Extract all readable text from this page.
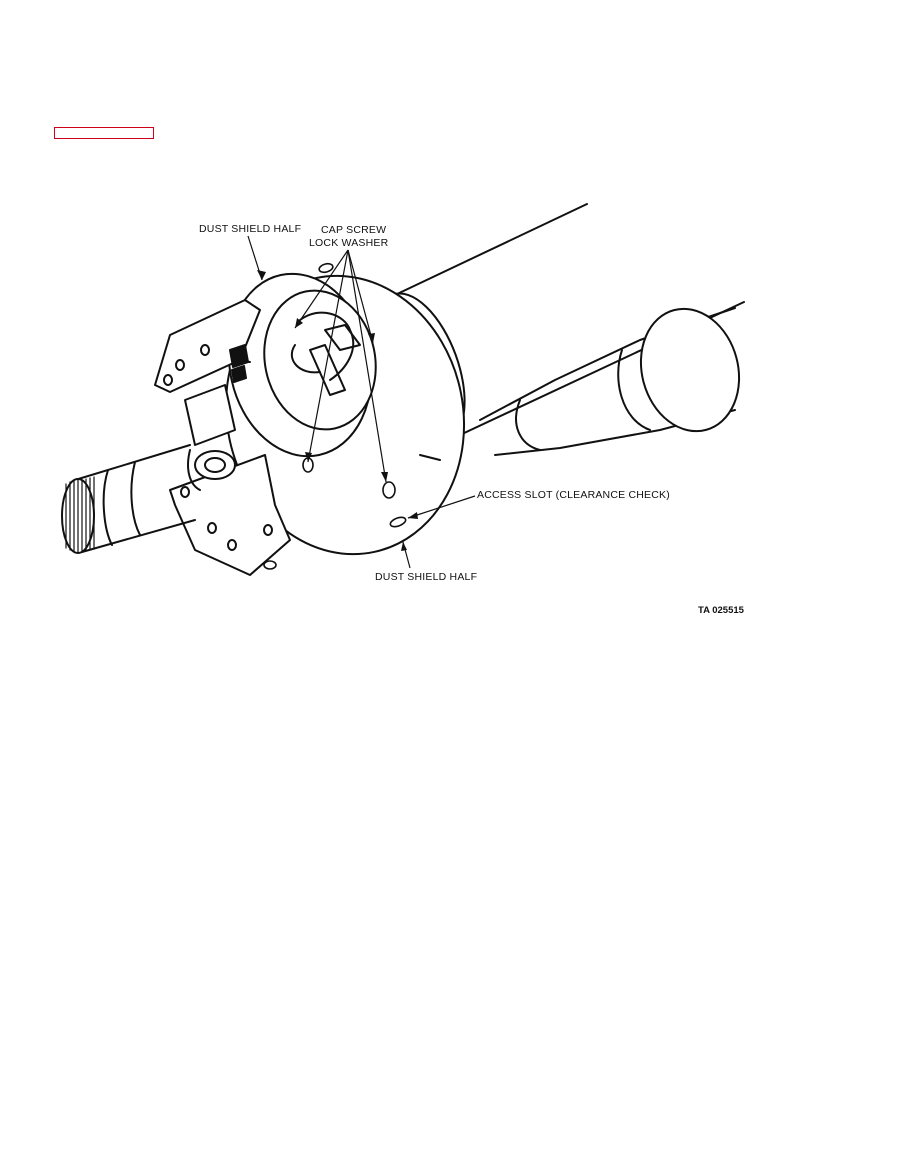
DUST SHIELD HALF CAP SCREW
LOCK WASHER
ACCESS SLOT (CLEARANCE CHECK)
DUST SHIELD HALF
TA 025515
